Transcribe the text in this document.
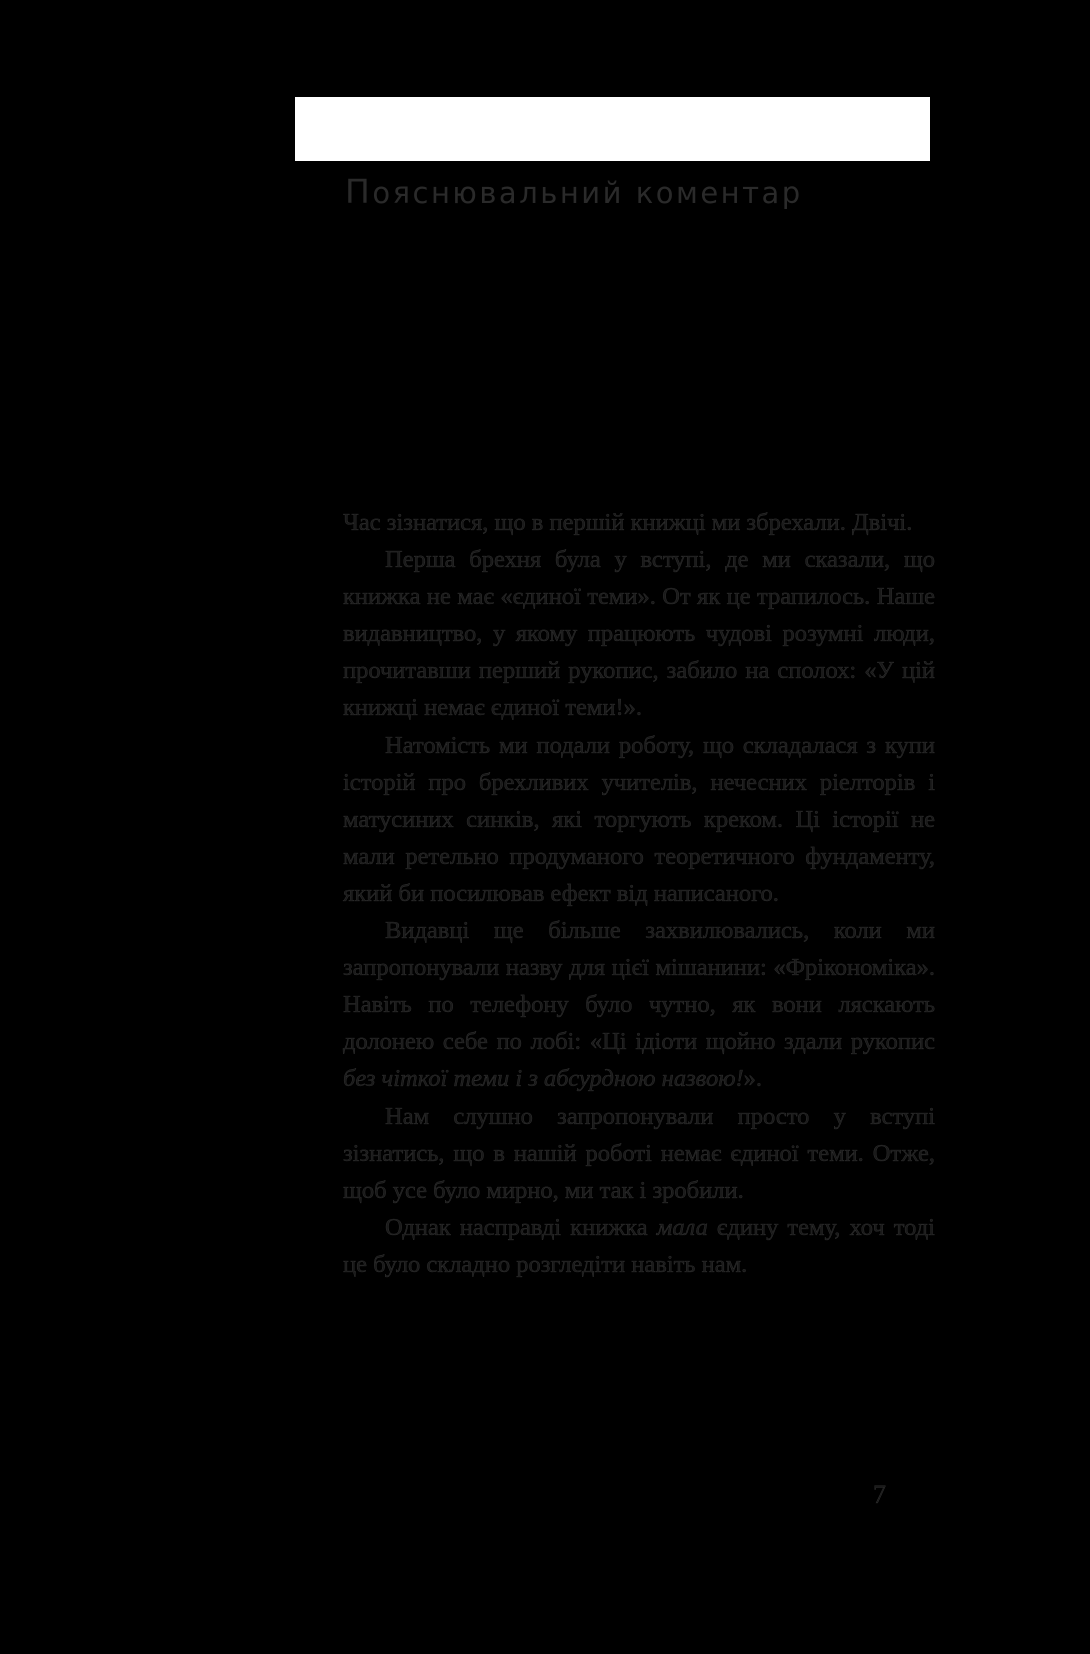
Пояснювальний коментар

Час зізнатися, що в першій книжці ми збрехали. Двічі.

Перша брехня була у вступі, де ми сказали, що книжка не має «єдиної теми». От як це трапилось. Наше видавництво, у якому працюють чудові розумні люди, прочитавши перший рукопис, забило на сполох: «У цій книжці немає єдиної теми!».

Натомість ми подали роботу, що складалася з купи історій про брехливих учителів, нечесних ріелторів і матусиних синків, які торгують креком. Ці історії не мали ретельно продуманого теоретичного фундаменту, який би посилював ефект від написаного.

Видавці ще більше захвилювались, коли ми запропонували назву для цієї мішанини: «Фрікономіка». Навіть по телефону було чутно, як вони ляскають долонею себе по лобі: «Ці ідіоти щойно здали рукопис без чіткої теми і з абсурдною назвою!».

Нам слушно запропонували просто у вступі зізнатись, що в нашій роботі немає єдиної теми. Отже, щоб усе було мирно, ми так і зробили.

Однак насправді книжка мала єдину тему, хоч тоді це було складно розгледіти навіть нам.

7
